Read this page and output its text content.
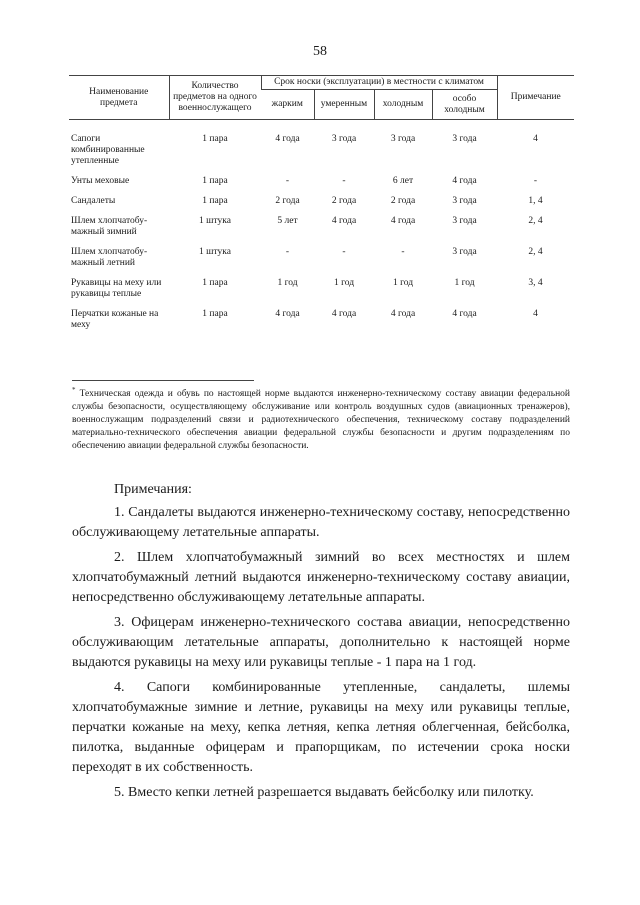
58
Наименование предмета	Количество предметов на одного военнослужащего	Срок носки (эксплуатации) в местности с климатом				Примечание
		жарким	умеренным	холодным	особо холодным	
Сапоги комбинированные утепленные	1 пара	4 года	3 года	3 года	3 года	4
Унты меховые	1 пара	-	-	6 лет	4 года	-
Сандалеты	1 пара	2 года	2 года	2 года	3 года	1, 4
Шлем хлопчатобу-мажный зимний	1 штука	5 лет	4 года	4 года	3 года	2, 4
Шлем хлопчатобу-мажный летний	1 штука	-	-	-	3 года	2, 4
Рукавицы на меху или рукавицы теплые	1 пара	1 год	1 год	1 год	1 год	3, 4
Перчатки кожаные на меху	1 пара	4 года	4 года	4 года	4 года	4
* Техническая одежда и обувь по настоящей норме выдаются инженерно-техническому составу авиации федеральной службы безопасности, осуществляющему обслуживание или контроль воздушных судов (авиационных тренажеров), военнослужащим подразделений связи и радиотехнического обеспечения, техническому составу подразделений материально-технического обеспечения авиации федеральной службы безопасности и другим подразделениям по обеспечению авиации федеральной службы безопасности.

Примечания:

1. Сандалеты выдаются инженерно-техническому составу, непосредственно обслуживающему летательные аппараты.

2. Шлем хлопчатобумажный зимний во всех местностях и шлем хлопчатобумажный летний выдаются инженерно-техническому составу авиации, непосредственно обслуживающему летательные аппараты.

3. Офицерам инженерно-технического состава авиации, непосредственно обслуживающим летательные аппараты, дополнительно к настоящей норме выдаются рукавицы на меху или рукавицы теплые - 1 пара на 1 год.

4. Сапоги комбинированные утепленные, сандалеты, шлемы хлопчатобумажные зимние и летние, рукавицы на меху или рукавицы теплые, перчатки кожаные на меху, кепка летняя, кепка летняя облегченная, бейсболка, пилотка, выданные офицерам и прапорщикам, по истечении срока носки переходят в их собственность.

5. Вместо кепки летней разрешается выдавать бейсболку или пилотку.
